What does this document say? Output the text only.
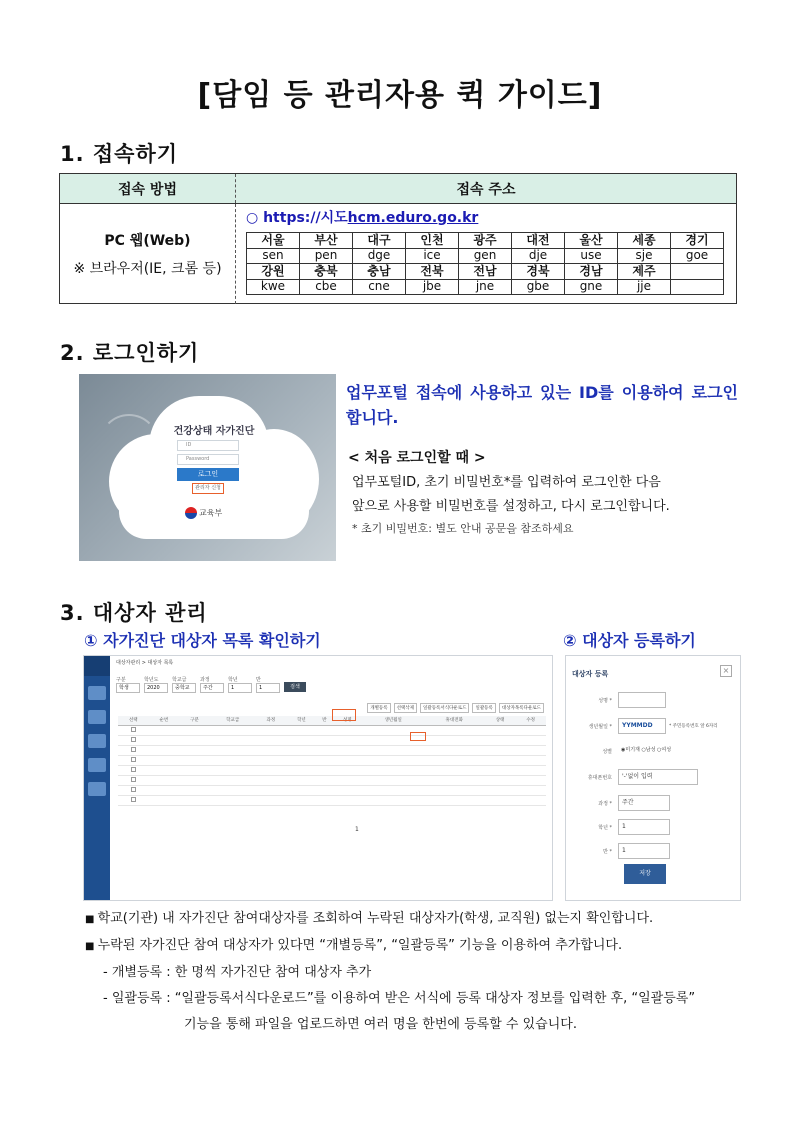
[담임 등 관리자용 퀵 가이드]
1. 접속하기
접속 방법	접속 주소
PC 웹(Web)
※ 브라우저(IE, 크롬 등)
○ https://시도hcm.eduro.go.kr
서울	부산	대구	인천	광주	대전	울산	세종	경기
sen	pen	dge	ice	gen	dje	use	sje	goe
강원	충북	충남	전북	전남	경북	경남	제주	
kwe	cbe	cne	jbe	jne	gbe	gne	jje	
2. 로그인하기
건강상태 자가진단
ID
Password
로그인
관리자 신청
교육부
업무포털 접속에 사용하고 있는 ID를 이용하여 로그인합니다.
< 처음 로그인할 때 >
업무포털ID, 초기 비밀번호*를 입력하여 로그인한 다음
앞으로 사용할 비밀번호를 설정하고, 다시 로그인합니다.
* 초기 비밀번호: 별도 안내 공문을 참조하세요
3. 대상자 관리
① 자가진단 대상자 목록 확인하기	② 대상자 등록하기
대상자관리 > 대상자 목록
구분
학생
학년도
2020
학교급
중학교
과정
주간
학년
1
반
1	검색
개별등록	선택삭제	일괄등록서식다운로드	일괄등록	대상자목록다운로드
선택	순번	구분	학교급	과정	학년	반	성명	생년월일	휴대전화	상태	수정

1
대상자 등록	×
성명 *
생년월일 *	YYMMDD	* 주민등록번호 앞 6자리
성별	◉미기재 ○남성 ○여성
휴대폰번호	'-'없이 입력
과정 *	주간
학년 *	1
반 *	1
저장
■ 학교(기관) 내 자가진단 참여대상자를 조회하여 누락된 대상자가(학생, 교직원) 없는지 확인합니다.
■ 누락된 자가진단 참여 대상자가 있다면 “개별등록”, “일괄등록” 기능을 이용하여 추가합니다.
- 개별등록 : 한 명씩 자가진단 참여 대상자 추가
- 일괄등록 : “일괄등록서식다운로드”를 이용하여 받은 서식에 등록 대상자 정보를 입력한 후, “일괄등록”
기능을 통해 파일을 업로드하면 여러 명을 한번에 등록할 수 있습니다.
